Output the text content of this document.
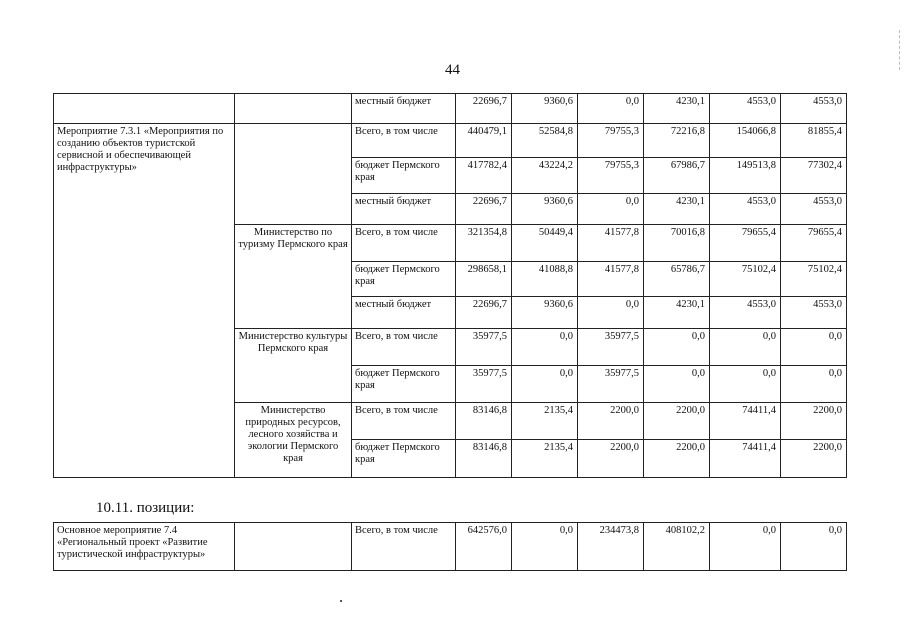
44
		местный бюджет	22696,7	9360,6	0,0	4230,1	4553,0	4553,0
Мероприятие 7.3.1 «Мероприятия по созданию объектов туристской сервисной и обеспечивающей инфраструктуры»		Всего, в том числе	440479,1	52584,8	79755,3	72216,8	154066,8	81855,4
		бюджет Пермского края	417782,4	43224,2	79755,3	67986,7	149513,8	77302,4
		местный бюджет	22696,7	9360,6	0,0	4230,1	4553,0	4553,0
	Министерство по туризму Пермского края	Всего, в том числе	321354,8	50449,4	41577,8	70016,8	79655,4	79655,4
		бюджет Пермского края	298658,1	41088,8	41577,8	65786,7	75102,4	75102,4
		местный бюджет	22696,7	9360,6	0,0	4230,1	4553,0	4553,0
	Министерство культуры Пермского края	Всего, в том числе	35977,5	0,0	35977,5	0,0	0,0	0,0
		бюджет Пермского края	35977,5	0,0	35977,5	0,0	0,0	0,0
	Министерство природных ресурсов, лесного хозяйства и экологии Пермского края	Всего, в том числе	83146,8	2135,4	2200,0	2200,0	74411,4	2200,0
		бюджет Пермского края	83146,8	2135,4	2200,0	2200,0	74411,4	2200,0
10.11. позиции:
Основное мероприятие 7.4 «Региональный проект «Развитие туристической инфраструктуры»		Всего, в том числе	642576,0	0,0	234473,8	408102,2	0,0	0,0
